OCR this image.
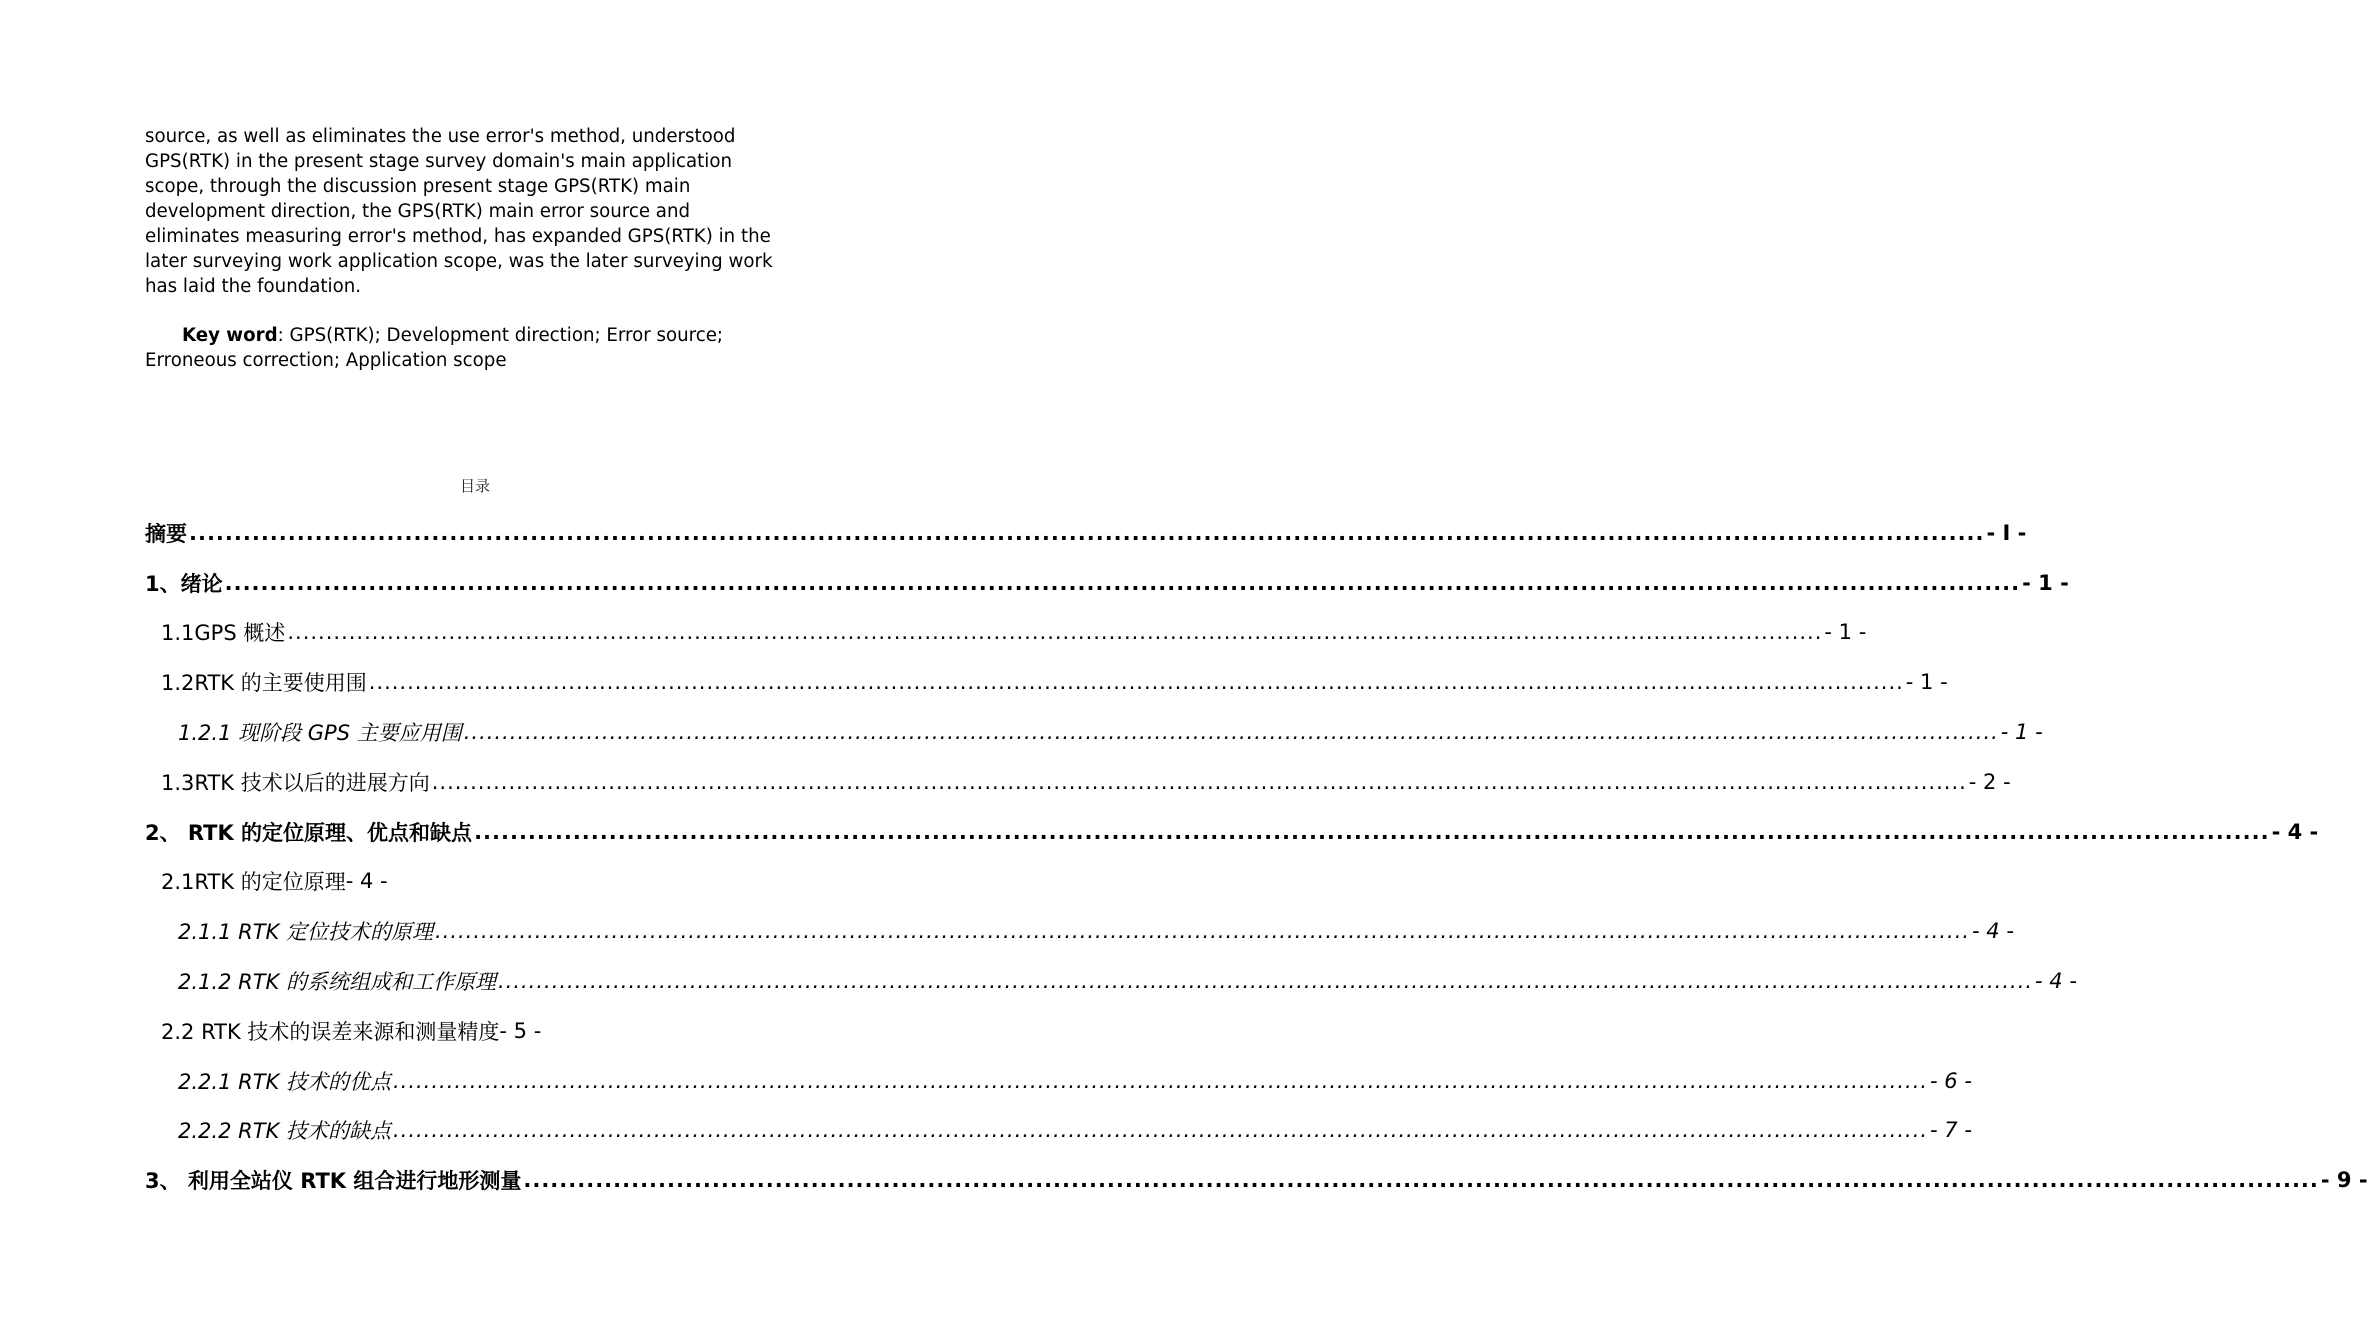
source, as well as eliminates the use error's method, understood
GPS(RTK) in the present stage survey domain's main application
scope, through the discussion present stage GPS(RTK) main
development direction, the GPS(RTK) main error source and
eliminates measuring error's method, has expanded GPS(RTK) in the
later surveying work application scope, was the later surveying work
has laid the foundation.
Key word: GPS(RTK); Development direction; Error source;
Erroneous correction; Application scope
目录
摘要 ........................................................................................................................................................................................................ - I -
1、绪论 ........................................................................................................................................................................................................ - 1 -
1.1GPS 概述 ........................................................................................................................................................................................................ - 1 -
1.2RTK 的主要使用围 ........................................................................................................................................................................................................ - 1 -
1.2.1 现阶段 GPS 主要应用围 ........................................................................................................................................................................................................ - 1 -
1.3RTK 技术以后的进展方向 ........................................................................................................................................................................................................ - 2 -
2、 RTK 的定位原理、优点和缺点 ........................................................................................................................................................................................................ - 4 -
2.1RTK 的定位原理 - 4 -
2.1.1 RTK 定位技术的原理 ........................................................................................................................................................................................................ - 4 -
2.1.2 RTK 的系统组成和工作原理 ........................................................................................................................................................................................................ - 4 -
2.2 RTK 技术的误差来源和测量精度 - 5 -
2.2.1 RTK 技术的优点 ........................................................................................................................................................................................................ - 6 -
2.2.2 RTK 技术的缺点 ........................................................................................................................................................................................................ - 7 -
3、 利用全站仪 RTK 组合进行地形测量 ........................................................................................................................................................................................................ - 9 -
